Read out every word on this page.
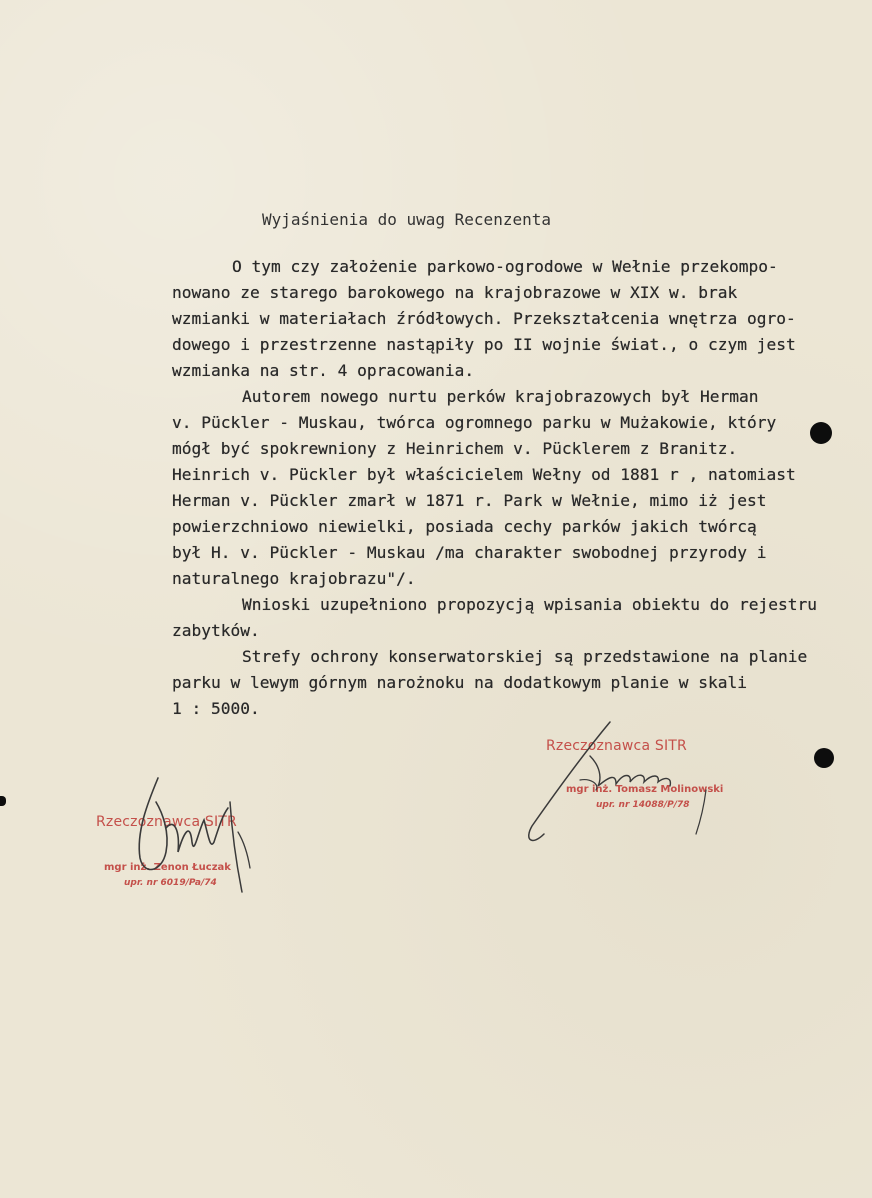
Wyjaśnienia do uwag Recenzenta
O tym czy założenie parkowo-ogrodowe w Wełnie przekompo-
nowano ze starego barokowego na krajobrazowe w XIX w. brak
wzmianki w materiałach źródłowych. Przekształcenia wnętrza ogro-
dowego i przestrzenne nastąpiły po II wojnie świat., o czym jest
wzmianka na str. 4 opracowania.
Autorem nowego nurtu perków krajobrazowych był Herman
v. Pückler - Muskau, twórca ogromnego parku w Mużakowie, który
mógł być spokrewniony z Heinrichem v. Pücklerem z Branitz.
Heinrich v. Pückler był właścicielem Wełny od 1881 r , natomiast
Herman v. Pückler zmarł w 1871 r. Park w Wełnie, mimo iż jest
powierzchniowo niewielki, posiada cechy parków jakich twórcą
był H. v. Pückler - Muskau /ma charakter swobodnej przyrody i
naturalnego krajobrazu"/.
Wnioski uzupełniono propozycją wpisania obiektu do rejestru
zabytków.
Strefy ochrony konserwatorskiej są przedstawione na planie
parku w lewym górnym narożnoku na dodatkowym planie w skali
1 : 5000.
Rzeczoznawca SITR
mgr inż. Zenon Łuczak
upr. nr 6019/Pa/74
Rzeczoznawca SITR
mgr inż. Tomasz Molinowski
upr. nr 14088/P/78
